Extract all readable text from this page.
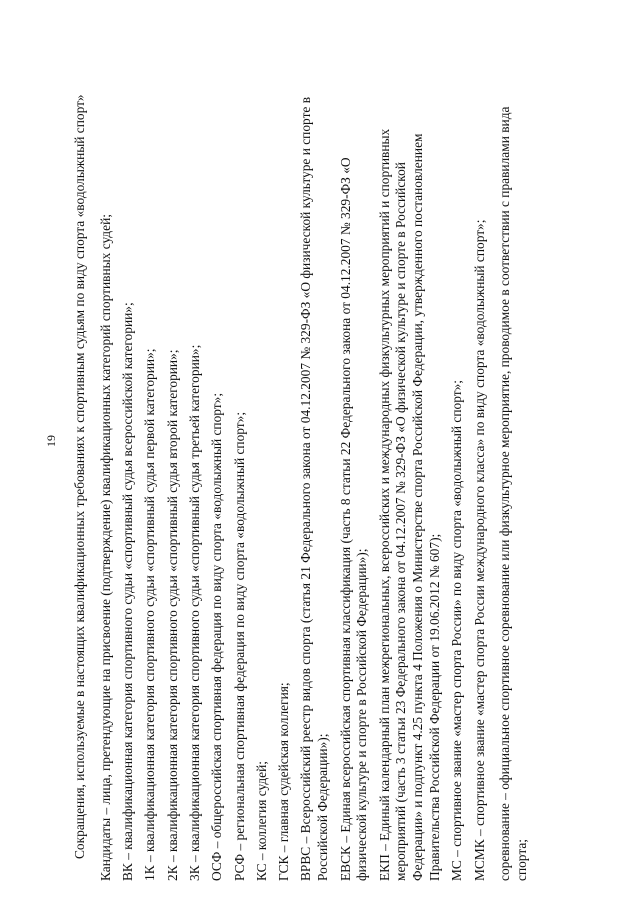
19 Сокращения, используемые в настоящих квалификационных требованиях к спортивным судьям по виду спорта «водолыжный спорт» Кандидаты – лица, претендующие на присвоение (подтверждение) квалификационных категорий спортивных судей; ВК – квалификационная категория спортивного судьи «спортивный судья всероссийской категории»; 1К – квалификационная категория спортивного судьи «спортивный судья первой категории»; 2К – квалификационная категория спортивного судьи «спортивный судья второй категории»; 3К – квалификационная категория спортивного судьи «спортивный судья третьей категории»; ОСФ – общероссийская спортивная федерация по виду спорта «водолыжный спорт»; РСФ – региональная спортивная федерация по виду спорта «водолыжный спорт»; КС – коллегия судей; ГСК – главная судейская коллегия; ВРВС – Всероссийский реестр видов спорта (статья 21 Федерального закона от 04.12.2007 № 329-ФЗ «О физической культуре и спорте в Российской Федерации»); ЕВСК – Единая всероссийская спортивная классификация (часть 8 статьи 22 Федерального закона от 04.12.2007 № 329-ФЗ «О физической культуре и спорте в Российской Федерации»); ЕКП – Единый календарный план межрегиональных, всероссийских и международных физкультурных мероприятий и спортивных мероприятий (часть 3 статьи 23 Федерального закона от 04.12.2007 № 329-ФЗ «О физической культуре и спорте в Российской Федерации» и подпункт 4.25 пункта 4 Положения о Министерстве спорта Российской Федерации, утвержденного постановлением Правительства Российской Федерации от 19.06.2012 № 607); МС – спортивное звание «мастер спорта России» по виду спорта «водолыжный спорт»; МСМК – спортивное звание «мастер спорта России международного класса» по виду спорта «водолыжный спорт»; соревнование – официальное спортивное соревнование или физкультурное мероприятие, проводимое в соответствии с правилами вида спорта;
